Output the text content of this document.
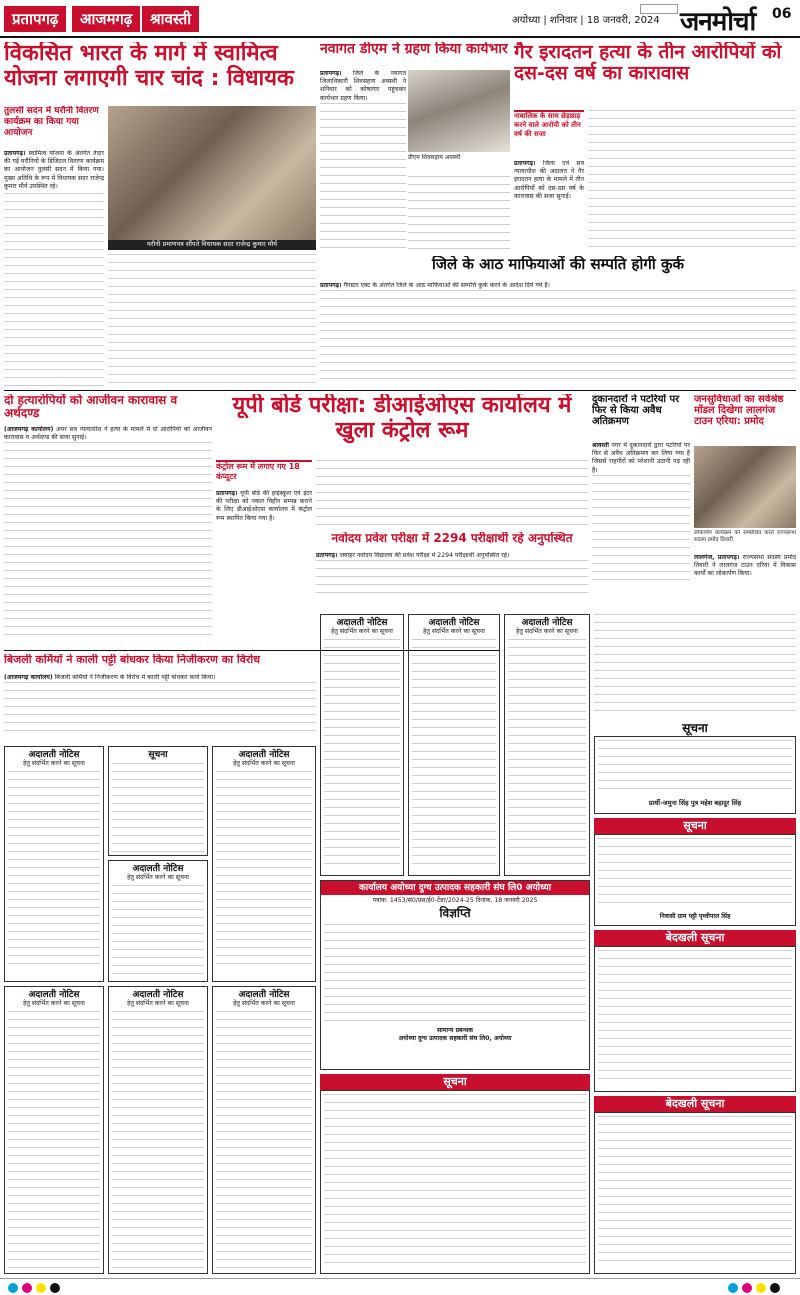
प्रतापगढ़	आजमगढ़	श्रावस्ती	अयोध्या | शनिवार | 18 जनवरी, 2024 जनमोर्चा 06
विकसित भारत के मार्ग में स्वामित्व योजना लगाएगी चार चांद : विधायक
तुलसी सदन में घरौनी वितरण कार्यक्रम का किया गया आयोजन
प्रतापगढ़। स्वामित्व योजना के अंतर्गत तेंदार की गई घरौनियों के डिजिटल वितरण कार्यक्रम का आयोजन तुलसी सदन में किया गया। मुख्य अतिथि के रूप में विधायक सदर राजेन्द्र कुमार मौर्य उपस्थित रहे।
घरौनी प्रमाणपत्र सौंपते विधायक सदर राजेन्द्र कुमार मौर्य
नवागत डीएम ने ग्रहण किया कार्यभार
प्रतापगढ़। जिले के नवागत जिलाधिकारी शिवसहाय अवस्थी ने शनिवार को कोषागार पहुंचकर कार्यभार ग्रहण किया।
डीएम शिवसहाय अवस्थी
गैर इरादतन हत्या के तीन आरोपियों को दस-दस वर्ष का कारावास
नाबालिक के साथ छेड़छाड़ करने वाले आरोपी को तीन वर्ष की सजा
प्रतापगढ़। जिला एवं सत्र न्यायाधीश की अदालत ने गैर इरादतन हत्या के मामले में तीन आरोपियों को दस-दस वर्ष के कारावास की सजा सुनाई।
जिले के आठ माफियाओं की सम्पति होगी कुर्क
प्रतापगढ़। गैंगस्टर एक्ट के अंतर्गत जिले के आठ माफियाओं की सम्पत्ति कुर्क करने के आदेश दिये गये हैं।
दो हत्यारोपियों को आजीवन कारावास व अर्थदण्ड
(आजमगढ़ कार्यालय) अपर सत्र न्यायाधीश ने हत्या के मामले में दो आरोपियों को आजीवन कारावास व अर्थदण्ड की सजा सुनाई।
यूपी बोर्ड परीक्षा: डीआईओएस कार्यालय में खुला कंट्रोल रूम
कंट्रोल रूम में लगाए गए 18 कंप्यूटर
प्रतापगढ़। यूपी बोर्ड की हाईस्कूल एवं इंटर की परीक्षा को नकल विहीन सम्पन्न कराने के लिए डीआईओएस कार्यालय में कंट्रोल रूम स्थापित किया गया है।
नवोदय प्रवेश परीक्षा में 2294 परीक्षार्थी रहे अनुपस्थित
प्रतापगढ़। जवाहर नवोदय विद्यालय की प्रवेश परीक्षा में 2294 परीक्षार्थी अनुपस्थित रहे।
दुकानदारों ने पटरियों पर फिर से किया अवैध अतिक्रमण
श्रावस्ती नगर में दुकानदारों द्वारा पटरियों पर फिर से अवैध अतिक्रमण कर लिया गया है जिससे राहगीरों को परेशानी उठानी पड़ रही है।
जनसुविधाओं का सर्वश्रेष्ठ मॉडल दिखेगा लालगंज टाउन एरिया: प्रमोद
लोकार्पण कार्यक्रम को सम्बोधित करते राज्यसभा सदस्य प्रमोद तिवारी
लालगंज, प्रतापगढ़। राज्यसभा सदस्य प्रमोद तिवारी ने लालगंज टाउन एरिया में विकास कार्यों का लोकार्पण किया।
बिजली कर्मियों ने काली पट्टी बांधकर किया निजीकरण का विरोध
(आजमगढ़ कार्यालय) बिजली कर्मियों ने निजीकरण के विरोध में काली पट्टी बांधकर कार्य किया।
अदालती नोटिस
हेतु संदर्भित करने का सूचना
सूचना	अदालती नोटिस
हेतु संदर्भित करने का सूचना
अदालती नोटिस
हेतु संदर्भित करने का सूचना
अदालती नोटिस
हेतु संदर्भित करने का सूचना
अदालती नोटिस
हेतु संदर्भित करने का सूचना
अदालती नोटिस
हेतु संदर्भित करने का सूचना
अदालती नोटिस
हेतु संदर्भित करने का सूचना
अदालती नोटिस
हेतु संदर्भित करने का सूचना
अदालती नोटिस
हेतु संदर्भित करने का सूचना
सूचना
प्रार्थी-जमुना सिंह पुत्र महेश बहादुर सिंह
सूचना
निवासी ग्राम पट्टी पृथ्वीपाल सिंह
कार्यालय अयोध्या दुग्ध उत्पादक सहकारी संघ लि0 अयोध्या
पत्रांक: 1453/सं0/प्रस/ई0-टेंडर/2024-25 दिनांक, 18 जनवरी 2025
विज्ञप्ति
सामान्य प्रबन्धक
अयोध्या दुग्ध उत्पादक सहकारी संघ लि0, अयोध्या
बेदखली सूचना
सूचना
बेदखली सूचना
